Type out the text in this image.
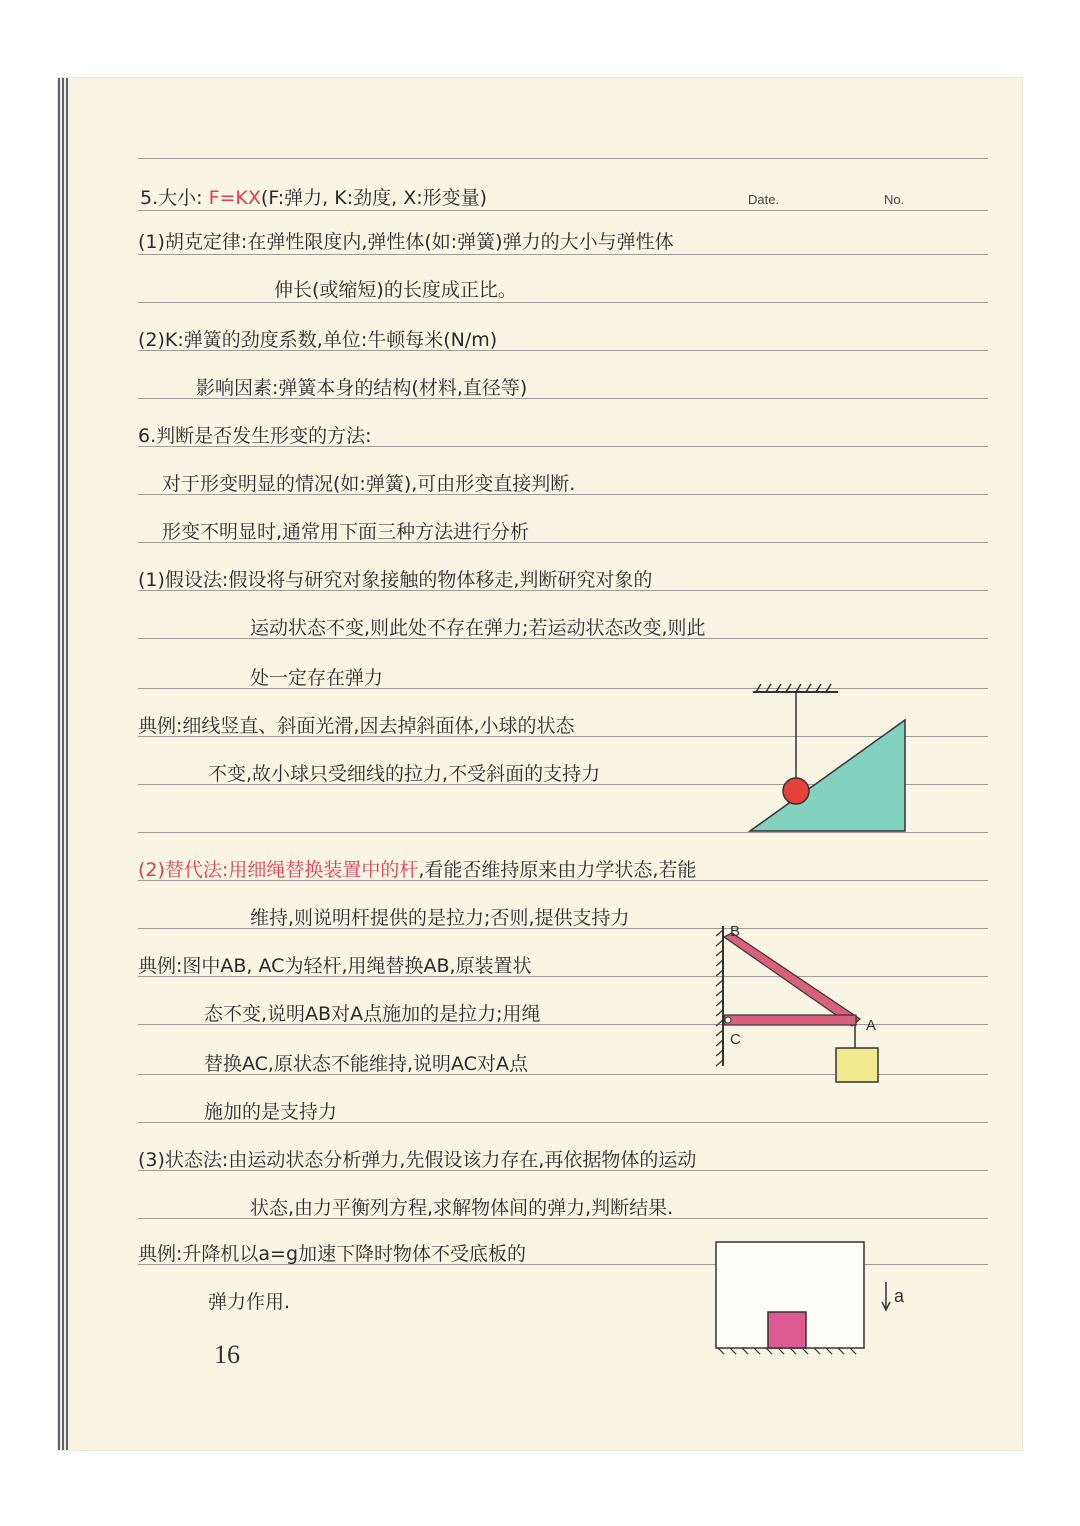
Date.	No.
5.大小: F=KX(F:弹力, K:劲度, X:形变量)
(1)胡克定律:在弹性限度内,弹性体(如:弹簧)弹力的大小与弹性体
伸长(或缩短)的长度成正比。
(2)K:弹簧的劲度系数,单位:牛顿每米(N/m)
影响因素:弹簧本身的结构(材料,直径等)
6.判断是否发生形变的方法:
对于形变明显的情况(如:弹簧),可由形变直接判断.
形变不明显时,通常用下面三种方法进行分析
(1)假设法:假设将与研究对象接触的物体移走,判断研究对象的
运动状态不变,则此处不存在弹力;若运动状态改变,则此
处一定存在弹力
典例:细线竖直、斜面光滑,因去掉斜面体,小球的状态
不变,故小球只受细线的拉力,不受斜面的支持力
(2)替代法:用细绳替换装置中的杆,看能否维持原来由力学状态,若能
维持,则说明杆提供的是拉力;否则,提供支持力
典例:图中AB, AC为轻杆,用绳替换AB,原装置状
态不变,说明AB对A点施加的是拉力;用绳
替换AC,原状态不能维持,说明AC对A点
施加的是支持力
(3)状态法:由运动状态分析弹力,先假设该力存在,再依据物体的运动
状态,由力平衡列方程,求解物体间的弹力,判断结果.
典例:升降机以a=g加速下降时物体不受底板的
弹力作用.
B
A
C
a
16
